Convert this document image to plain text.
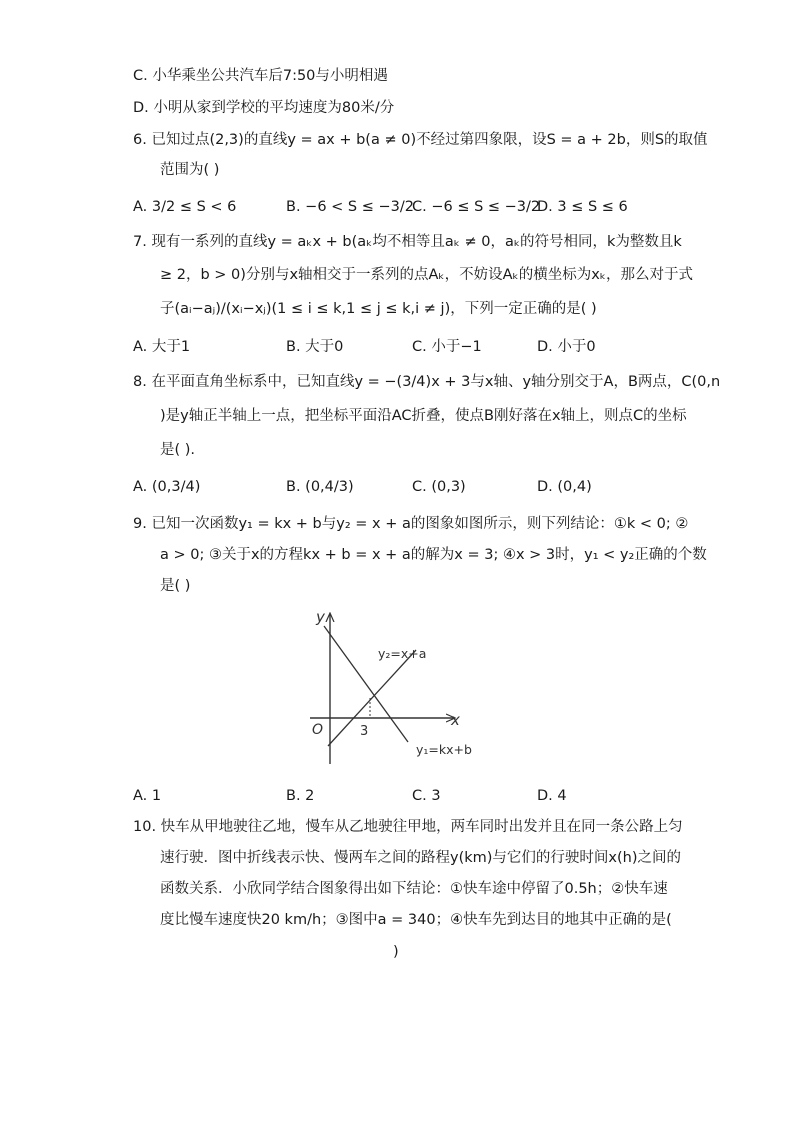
C. 小华乘坐公共汽车后7:50与小明相遇
D. 小明从家到学校的平均速度为80米/分
6. 已知过点(2,3)的直线y = ax + b(a ≠ 0)不经过第四象限，设S = a + 2b，则S的取值
范围为( )
A. 3/2 ≤ S < 6	B. −6 < S ≤ −3/2
C. −6 ≤ S ≤ −3/2
D. 3 ≤ S ≤ 6
7. 现有一系列的直线y = aₖx + b(aₖ均不相等且aₖ ≠ 0，aₖ的符号相同，k为整数且k
≥ 2，b > 0)分别与x轴相交于一系列的点Aₖ，不妨设Aₖ的横坐标为xₖ，那么对于式
子(aᵢ−aⱼ)/(xᵢ−xⱼ)(1 ≤ i ≤ k,1 ≤ j ≤ k,i ≠ j)，下列一定正确的是( )
A. 大于1	B. 大于0	C. 小于−1	D. 小于0
8. 在平面直角坐标系中，已知直线y = −(3/4)x + 3与x轴、y轴分别交于A，B两点，C(0,n
)是y轴正半轴上一点，把坐标平面沿AC折叠，使点B刚好落在x轴上，则点C的坐标
是( ).
A. (0,3/4)	B. (0,4/3)	C. (0,3)	D. (0,4)
9. 已知一次函数y₁ = kx + b与y₂ = x + a的图象如图所示，则下列结论：①k < 0; ②
a > 0; ③关于x的方程kx + b = x + a的解为x = 3; ④x > 3时，y₁ < y₂正确的个数
是( )
y
x
O	3
y₂=x+a
y₁=kx+b
A. 1	B. 2	C. 3	D. 4
10. 快车从甲地驶往乙地，慢车从乙地驶往甲地，两车同时出发并且在同一条公路上匀
速行驶．图中折线表示快、慢两车之间的路程y(km)与它们的行驶时间x(h)之间的
函数关系．小欣同学结合图象得出如下结论：①快车途中停留了0.5h；②快车速
度比慢车速度快20 km/h；③图中a = 340；④快车先到达目的地其中正确的是(
)
